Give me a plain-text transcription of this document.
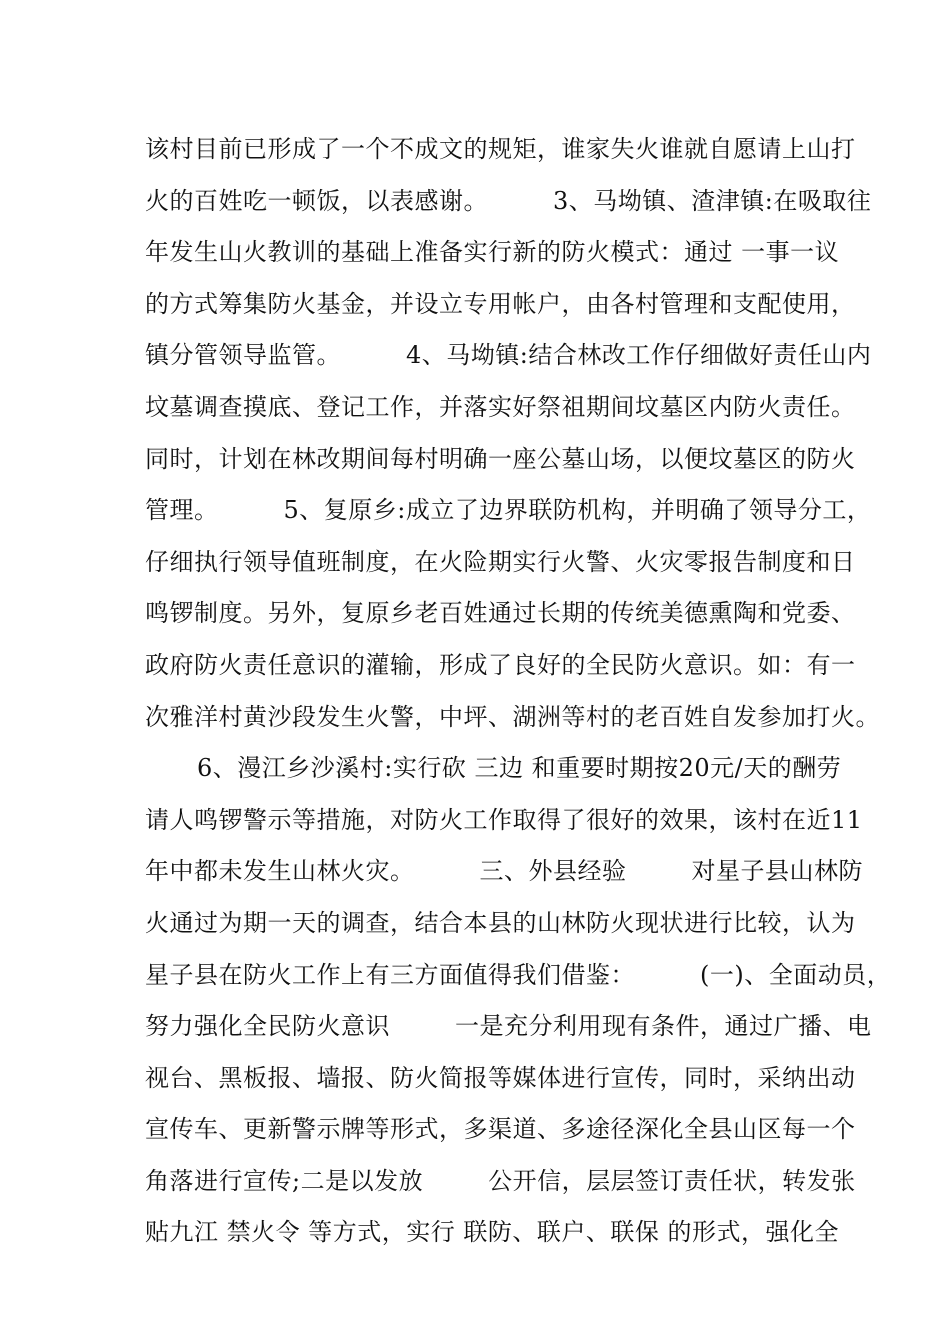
该村目前已形成了一个不成文的规矩，谁家失火谁就自愿请上山打
火的百姓吃一顿饭，以表感谢。        3、马坳镇、渣津镇:在吸取往
年发生山火教训的基础上准备实行新的防火模式：通过 一事一议
的方式筹集防火基金，并设立专用帐户，由各村管理和支配使用，
镇分管领导监管。        4、马坳镇:结合林改工作仔细做好责任山内
坟墓调查摸底、登记工作，并落实好祭祖期间坟墓区内防火责任。
同时，计划在林改期间每村明确一座公墓山场，以便坟墓区的防火
管理。        5、复原乡:成立了边界联防机构，并明确了领导分工，
仔细执行领导值班制度，在火险期实行火警、火灾零报告制度和日
鸣锣制度。另外，复原乡老百姓通过长期的传统美德熏陶和党委、
政府防火责任意识的灌输，形成了良好的全民防火意识。如：有一
次雅洋村黄沙段发生火警，中坪、湖洲等村的老百姓自发参加打火。
6、漫江乡沙溪村:实行砍 三边 和重要时期按20元/天的酬劳
请人鸣锣警示等措施，对防火工作取得了很好的效果，该村在近11
年中都未发生山林火灾。        三、外县经验        对星子县山林防
火通过为期一天的调查，结合本县的山林防火现状进行比较，认为
星子县在防火工作上有三方面值得我们借鉴：        (一)、全面动员，
努力强化全民防火意识        一是充分利用现有条件，通过广播、电
视台、黑板报、墙报、防火简报等媒体进行宣传，同时，采纳出动
宣传车、更新警示牌等形式，多渠道、多途径深化全县山区每一个
角落进行宣传;二是以发放        公开信，层层签订责任状，转发张
贴九江 禁火令 等方式，实行 联防、联户、联保 的形式，强化全
